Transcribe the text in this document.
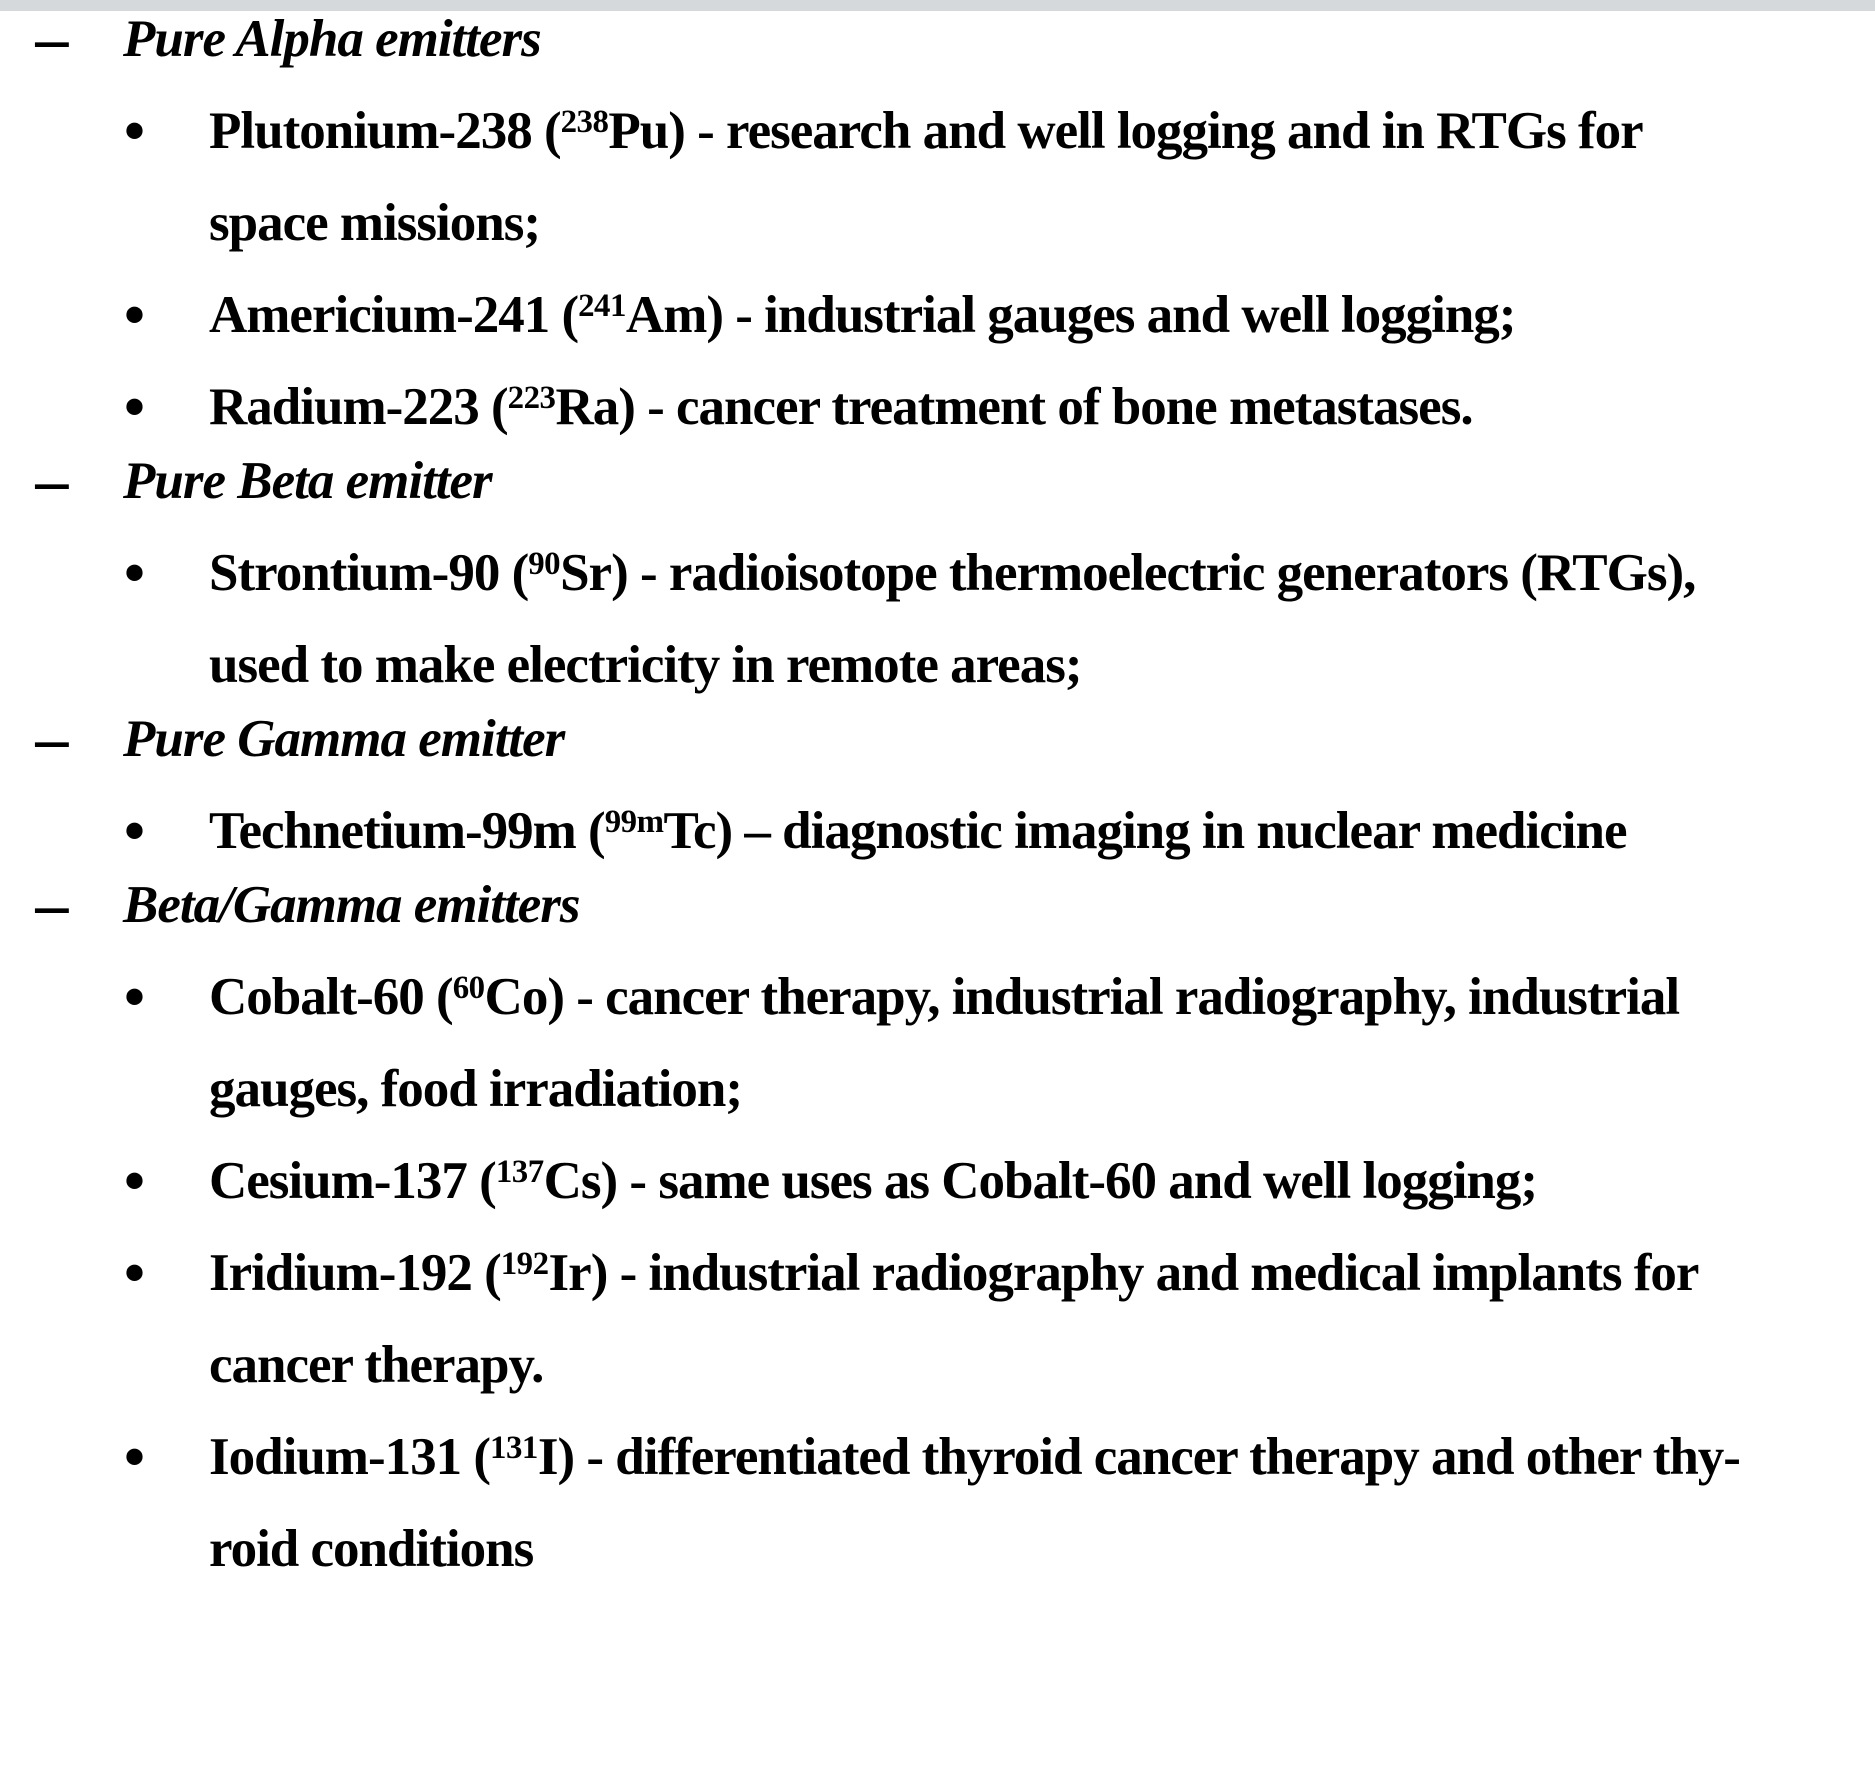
– Pure Alpha emitters
• Plutonium-238 ($^{238}$Pu) - research and well logging and in RTGs for
space missions;
• Americium-241 ($^{241}$Am) - industrial gauges and well logging;
• Radium-223 ($^{223}$Ra) - cancer treatment of bone metastases.
– Pure Beta emitter
• Strontium-90 ($^{90}$Sr) - radioisotope thermoelectric generators (RTGs),
used to make electricity in remote areas;
– Pure Gamma emitter
• Technetium-99m ($^{99m}$Tc) – diagnostic imaging in nuclear medicine
– Beta/Gamma emitters
• Cobalt-60 ($^{60}$Co) - cancer therapy, industrial radiography, industrial
gauges, food irradiation;
• Cesium-137 ($^{137}$Cs) - same uses as Cobalt-60 and well logging;
• Iridium-192 ($^{192}$Ir) - industrial radiography and medical implants for
cancer therapy.
• Iodium-131 ($^{131}$I) - differentiated thyroid cancer therapy and other thy-
roid conditions
